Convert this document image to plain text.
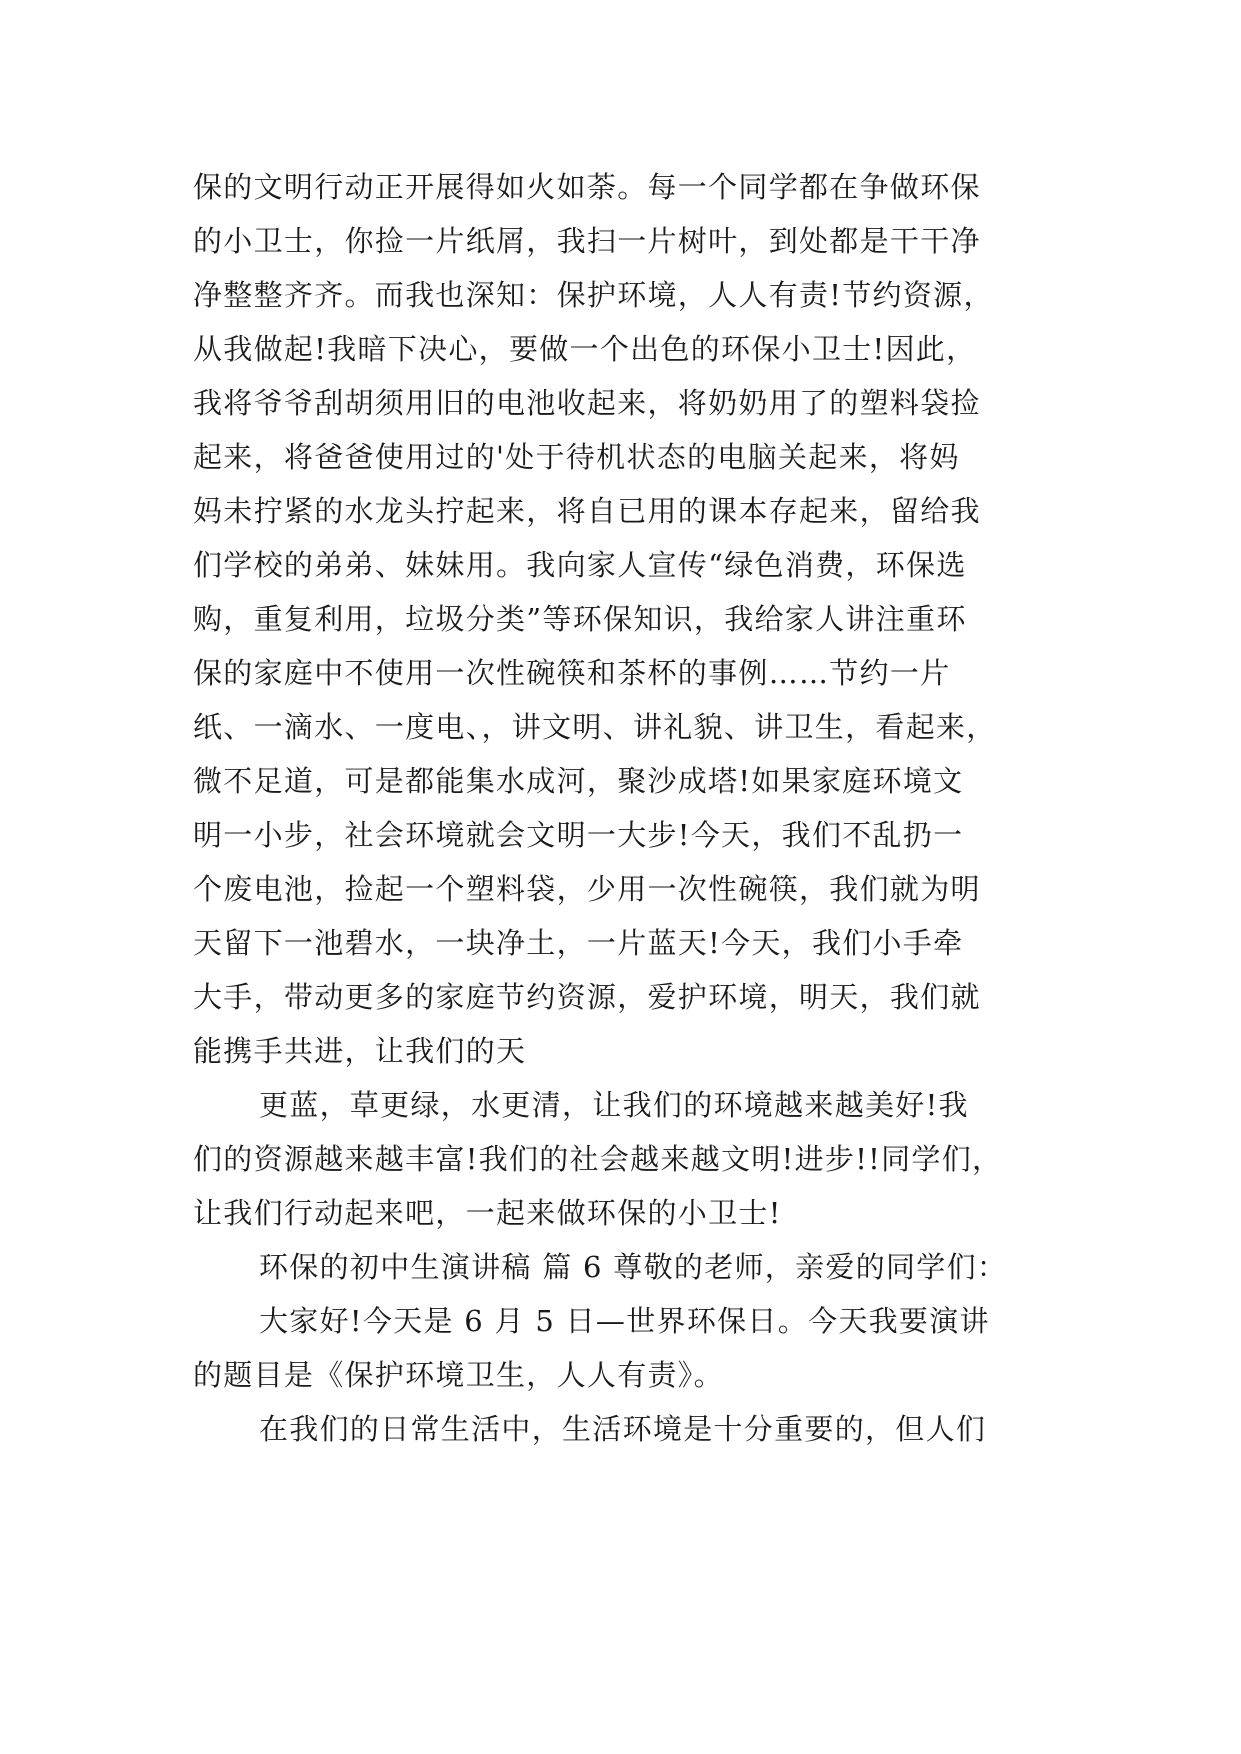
保的文明行动正开展得如火如荼。每一个同学都在争做环保
的小卫士，你捡一片纸屑，我扫一片树叶，到处都是干干净
净整整齐齐。而我也深知：保护环境，人人有责!节约资源，
从我做起!我暗下决心，要做一个出色的环保小卫士!因此，
我将爷爷刮胡须用旧的电池收起来，将奶奶用了的塑料袋捡
起来，将爸爸使用过的'处于待机状态的电脑关起来，将妈
妈未拧紧的水龙头拧起来，将自已用的课本存起来，留给我
们学校的弟弟、妹妹用。我向家人宣传“绿色消费，环保选
购，重复利用，垃圾分类”等环保知识，我给家人讲注重环
保的家庭中不使用一次性碗筷和茶杯的事例……节约一片
纸、一滴水、一度电、，讲文明、讲礼貌、讲卫生，看起来，
微不足道，可是都能集水成河，聚沙成塔!如果家庭环境文
明一小步，社会环境就会文明一大步!今天，我们不乱扔一
个废电池，捡起一个塑料袋，少用一次性碗筷，我们就为明
天留下一池碧水，一块净土，一片蓝天!今天，我们小手牵
大手，带动更多的家庭节约资源，爱护环境，明天，我们就
能携手共进，让我们的天
更蓝，草更绿，水更清，让我们的环境越来越美好!我
们的资源越来越丰富!我们的社会越来越文明!进步!!同学们，
让我们行动起来吧，一起来做环保的小卫士!
环保的初中生演讲稿 篇 6 尊敬的老师，亲爱的同学们：
大家好!今天是 6 月 5 日—世界环保日。今天我要演讲
的题目是《保护环境卫生，人人有责》。
在我们的日常生活中，生活环境是十分重要的，但人们
